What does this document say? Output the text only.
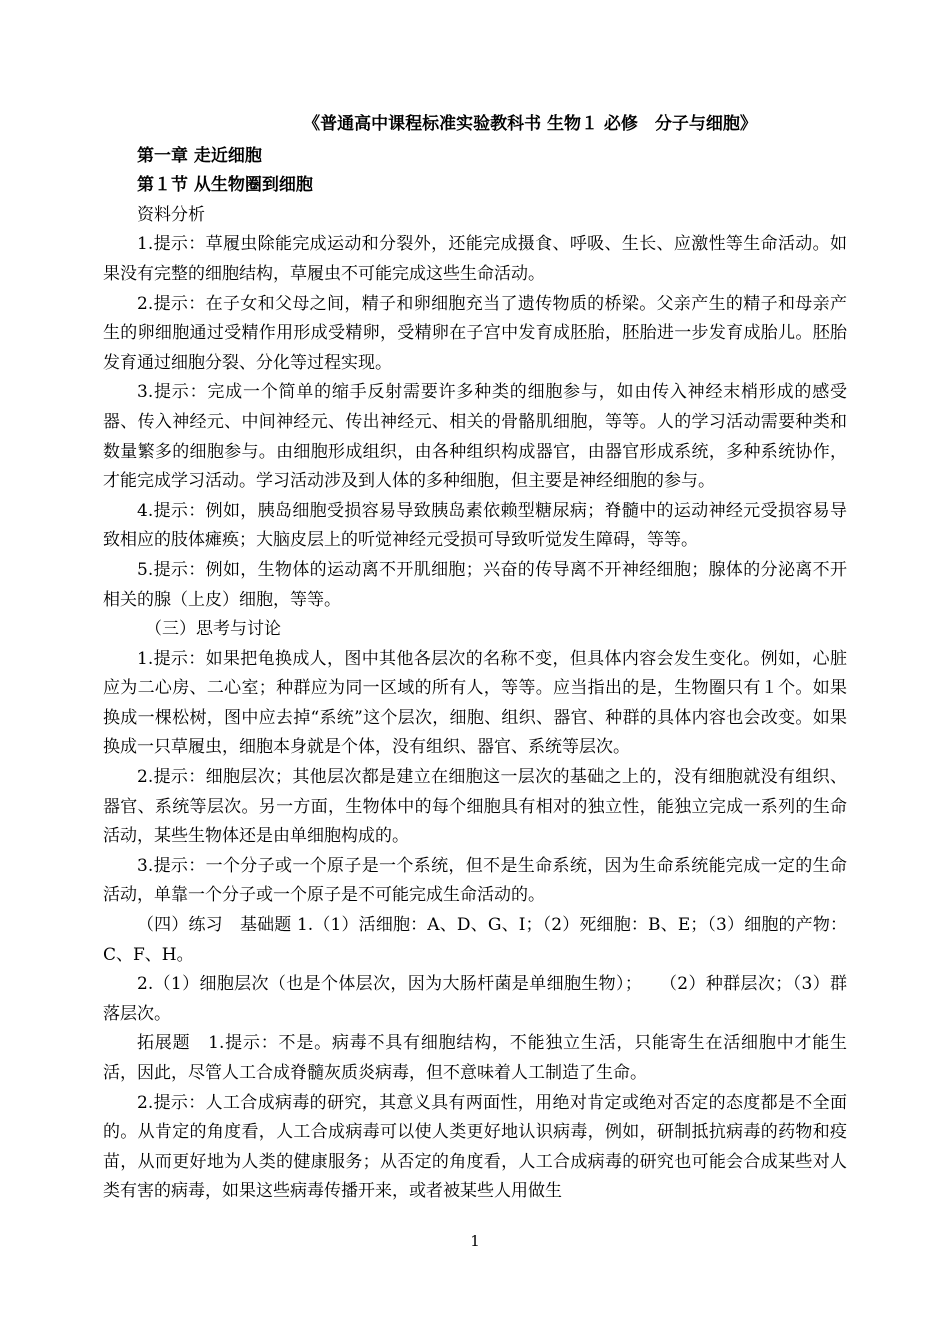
《普通高中课程标准实验教科书 生物１ 必修　分子与细胞》
第一章 走近细胞
第１节 从生物圈到细胞

资料分析

1.提示：草履虫除能完成运动和分裂外，还能完成摄食、呼吸、生长、应激性等生命活动。如果没有完整的细胞结构，草履虫不可能完成这些生命活动。

2.提示：在子女和父母之间，精子和卵细胞充当了遗传物质的桥梁。父亲产生的精子和母亲产生的卵细胞通过受精作用形成受精卵，受精卵在子宫中发育成胚胎，胚胎进一步发育成胎儿。胚胎发育通过细胞分裂、分化等过程实现。

3.提示：完成一个简单的缩手反射需要许多种类的细胞参与，如由传入神经末梢形成的感受器、传入神经元、中间神经元、传出神经元、相关的骨骼肌细胞，等等。人的学习活动需要种类和数量繁多的细胞参与。由细胞形成组织，由各种组织构成器官，由器官形成系统，多种系统协作，才能完成学习活动。学习活动涉及到人体的多种细胞，但主要是神经细胞的参与。

4.提示：例如，胰岛细胞受损容易导致胰岛素依赖型糖尿病；脊髓中的运动神经元受损容易导致相应的肢体瘫痪；大脑皮层上的听觉神经元受损可导致听觉发生障碍，等等。

5.提示：例如，生物体的运动离不开肌细胞；兴奋的传导离不开神经细胞；腺体的分泌离不开相关的腺（上皮）细胞，等等。

（三）思考与讨论

1.提示：如果把龟换成人，图中其他各层次的名称不变，但具体内容会发生变化。例如，心脏应为二心房、二心室；种群应为同一区域的所有人，等等。应当指出的是，生物圈只有１个。如果换成一棵松树，图中应去掉“系统”这个层次，细胞、组织、器官、种群的具体内容也会改变。如果换成一只草履虫，细胞本身就是个体，没有组织、器官、系统等层次。

2.提示：细胞层次；其他层次都是建立在细胞这一层次的基础之上的，没有细胞就没有组织、器官、系统等层次。另一方面，生物体中的每个细胞具有相对的独立性，能独立完成一系列的生命活动，某些生物体还是由单细胞构成的。

3.提示：一个分子或一个原子是一个系统，但不是生命系统，因为生命系统能完成一定的生命活动，单靠一个分子或一个原子是不可能完成生命活动的。

（四）练习　基础题 1.（1）活细胞：A、D、G、I；（2）死细胞：B、E；（3）细胞的产物：C、F、H。

2.（1）细胞层次（也是个体层次，因为大肠杆菌是单细胞生物）；　　（2）种群层次；（3）群落层次。

拓展题　1.提示：不是。病毒不具有细胞结构，不能独立生活，只能寄生在活细胞中才能生活，因此，尽管人工合成脊髓灰质炎病毒，但不意味着人工制造了生命。

2.提示：人工合成病毒的研究，其意义具有两面性，用绝对肯定或绝对否定的态度都是不全面的。从肯定的角度看，人工合成病毒可以使人类更好地认识病毒，例如，研制抵抗病毒的药物和疫苗，从而更好地为人类的健康服务；从否定的角度看，人工合成病毒的研究也可能会合成某些对人类有害的病毒，如果这些病毒传播开来，或者被某些人用做生

1
